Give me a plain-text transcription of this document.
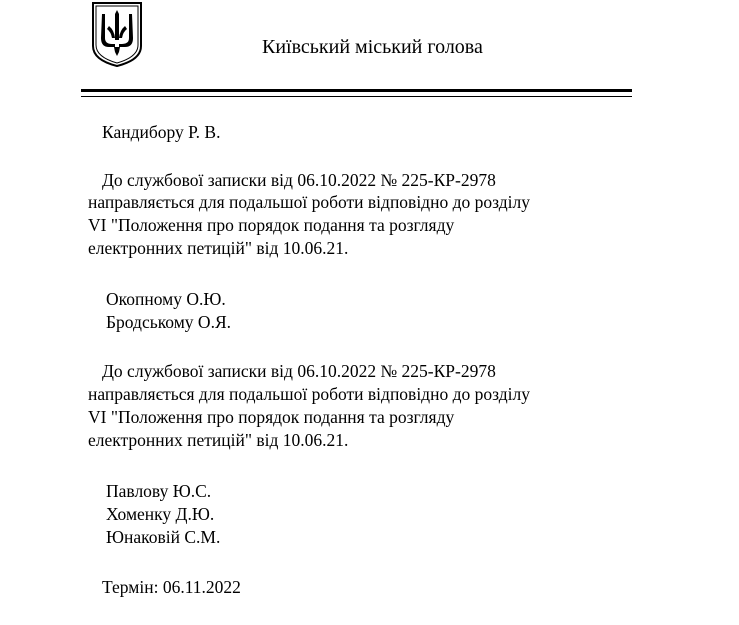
Київський міський голова
Кандибору Р. В.
До службової записки від 06.10.2022 № 225-КР-2978
направляється для подальшої роботи відповідно до розділу
VI "Положення про порядок подання та розгляду
електронних петицій" від 10.06.21.
Окопному О.Ю.
Бродському О.Я.
До службової записки від 06.10.2022 № 225-КР-2978
направляється для подальшої роботи відповідно до розділу
VI "Положення про порядок подання та розгляду
електронних петицій" від 10.06.21.
Павлову Ю.С.
Хоменку Д.Ю.
Юнаковій С.М.
Термін: 06.11.2022
